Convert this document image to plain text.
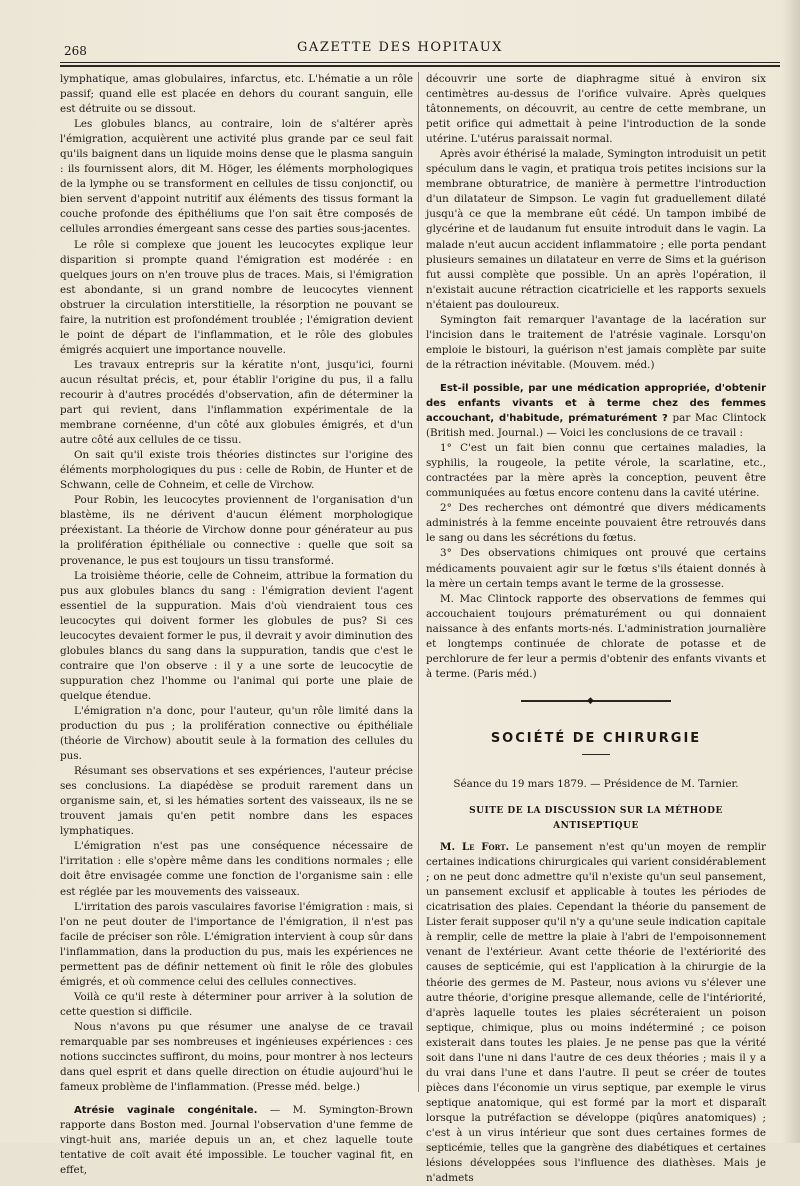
268	GAZETTE DES HOPITAUX

lymphatique, amas globulaires, infarctus, etc. L'hématie a un rôle passif; quand elle est placée en dehors du courant sanguin, elle est détruite ou se dissout.

Les globules blancs, au contraire, loin de s'altérer après l'émigration, acquièrent une activité plus grande par ce seul fait qu'ils baignent dans un liquide moins dense que le plasma sanguin : ils fournissent alors, dit M. Höger, les éléments morphologiques de la lymphe ou se transforment en cellules de tissu conjonctif, ou bien servent d'appoint nutritif aux éléments des tissus formant la couche profonde des épithéliums que l'on sait être composés de cellules arrondies émergeant sans cesse des parties sous-jacentes.

Le rôle si complexe que jouent les leucocytes explique leur disparition si prompte quand l'émigration est modérée : en quelques jours on n'en trouve plus de traces. Mais, si l'émigration est abondante, si un grand nombre de leucocytes viennent obstruer la circulation interstitielle, la résorption ne pouvant se faire, la nutrition est profondément troublée ; l'émigration devient le point de départ de l'inflammation, et le rôle des globules émigrés acquiert une importance nouvelle.

Les travaux entrepris sur la kératite n'ont, jusqu'ici, fourni aucun résultat précis, et, pour établir l'origine du pus, il a fallu recourir à d'autres procédés d'observation, afin de déterminer la part qui revient, dans l'inflammation expérimentale de la membrane cornéenne, d'un côté aux globules émigrés, et d'un autre côté aux cellules de ce tissu.

On sait qu'il existe trois théories distinctes sur l'origine des éléments morphologiques du pus : celle de Robin, de Hunter et de Schwann, celle de Cohneim, et celle de Virchow.

Pour Robin, les leucocytes proviennent de l'organisation d'un blastème, ils ne dérivent d'aucun élément morphologique préexistant. La théorie de Virchow donne pour générateur au pus la prolifération épithéliale ou connective : quelle que soit sa provenance, le pus est toujours un tissu transformé.

La troisième théorie, celle de Cohneim, attribue la formation du pus aux globules blancs du sang : l'émigration devient l'agent essentiel de la suppuration. Mais d'où viendraient tous ces leucocytes qui doivent former les globules de pus? Si ces leucocytes devaient former le pus, il devrait y avoir diminution des globules blancs du sang dans la suppuration, tandis que c'est le contraire que l'on observe : il y a une sorte de leucocytie de suppuration chez l'homme ou l'animal qui porte une plaie de quelque étendue.

L'émigration n'a donc, pour l'auteur, qu'un rôle limité dans la production du pus ; la prolifération connective ou épithéliale (théorie de Virchow) aboutit seule à la formation des cellules du pus.

Résumant ses observations et ses expériences, l'auteur précise ses conclusions. La diapédèse se produit rarement dans un organisme sain, et, si les hématies sortent des vaisseaux, ils ne se trouvent jamais qu'en petit nombre dans les espaces lymphatiques.

L'émigration n'est pas une conséquence nécessaire de l'irritation : elle s'opère même dans les conditions normales ; elle doit être envisagée comme une fonction de l'organisme sain : elle est réglée par les mouvements des vaisseaux.

L'irritation des parois vasculaires favorise l'émigration : mais, si l'on ne peut douter de l'importance de l'émigration, il n'est pas facile de préciser son rôle. L'émigration intervient à coup sûr dans l'inflammation, dans la production du pus, mais les expériences ne permettent pas de définir nettement où finit le rôle des globules émigrés, et où commence celui des cellules connectives.

Voilà ce qu'il reste à déterminer pour arriver à la solution de cette question si difficile.

Nous n'avons pu que résumer une analyse de ce travail remarquable par ses nombreuses et ingénieuses expériences : ces notions succinctes suffiront, du moins, pour montrer à nos lecteurs dans quel esprit et dans quelle direction on étudie aujourd'hui le fameux problème de l'inflammation. (Presse méd. belge.)

Atrésie vaginale congénitale. — M. Symington-Brown rapporte dans Boston med. Journal l'observation d'une femme de vingt-huit ans, mariée depuis un an, et chez laquelle toute tentative de coït avait été impossible. Le toucher vaginal fit, en effet,

découvrir une sorte de diaphragme situé à environ six centimètres au-dessus de l'orifice vulvaire. Après quelques tâtonnements, on découvrit, au centre de cette membrane, un petit orifice qui admettait à peine l'introduction de la sonde utérine. L'utérus paraissait normal.

Après avoir éthérisé la malade, Symington introduisit un petit spéculum dans le vagin, et pratiqua trois petites incisions sur la membrane obturatrice, de manière à permettre l'introduction d'un dilatateur de Simpson. Le vagin fut graduellement dilaté jusqu'à ce que la membrane eût cédé. Un tampon imbibé de glycérine et de laudanum fut ensuite introduit dans le vagin. La malade n'eut aucun accident inflammatoire ; elle porta pendant plusieurs semaines un dilatateur en verre de Sims et la guérison fut aussi complète que possible. Un an après l'opération, il n'existait aucune rétraction cicatricielle et les rapports sexuels n'étaient pas douloureux.

Symington fait remarquer l'avantage de la lacération sur l'incision dans le traitement de l'atrésie vaginale. Lorsqu'on emploie le bistouri, la guérison n'est jamais complète par suite de la rétraction inévitable. (Mouvem. méd.)

Est-il possible, par une médication appropriée, d'obtenir des enfants vivants et à terme chez des femmes accouchant, d'habitude, prématurément ? par Mac Clintock (British med. Journal.) — Voici les conclusions de ce travail :

1° C'est un fait bien connu que certaines maladies, la syphilis, la rougeole, la petite vérole, la scarlatine, etc., contractées par la mère après la conception, peuvent être communiquées au fœtus encore contenu dans la cavité utérine.

2° Des recherches ont démontré que divers médicaments administrés à la femme enceinte pouvaient être retrouvés dans le sang ou dans les sécrétions du fœtus.

3° Des observations chimiques ont prouvé que certains médicaments pouvaient agir sur le fœtus s'ils étaient donnés à la mère un certain temps avant le terme de la grossesse.

M. Mac Clintock rapporte des observations de femmes qui accouchaient toujours prématurément ou qui donnaient naissance à des enfants morts-nés. L'administration journalière et longtemps continuée de chlorate de potasse et de perchlorure de fer leur a permis d'obtenir des enfants vivants et à terme. (Paris méd.)

◆
SOCIÉTÉ DE CHIRURGIE
Séance du 19 mars 1879. — Présidence de M. Tarnier.
SUITE DE LA DISCUSSION SUR LA MÉTHODE ANTISEPTIQUE

M. Le Fort. Le pansement n'est qu'un moyen de remplir certaines indications chirurgicales qui varient considérablement ; on ne peut donc admettre qu'il n'existe qu'un seul pansement, un pansement exclusif et applicable à toutes les périodes de cicatrisation des plaies. Cependant la théorie du pansement de Lister ferait supposer qu'il n'y a qu'une seule indication capitale à remplir, celle de mettre la plaie à l'abri de l'empoisonnement venant de l'extérieur. Avant cette théorie de l'extériorité des causes de septicémie, qui est l'application à la chirurgie de la théorie des germes de M. Pasteur, nous avions vu s'élever une autre théorie, d'origine presque allemande, celle de l'intériorité, d'après laquelle toutes les plaies sécréteraient un poison septique, chimique, plus ou moins indéterminé ; ce poison existerait dans toutes les plaies. Je ne pense pas que la vérité soit dans l'une ni dans l'autre de ces deux théories ; mais il y a du vrai dans l'une et dans l'autre. Il peut se créer de toutes pièces dans l'économie un virus septique, par exemple le virus septique anatomique, qui est formé par la mort et disparaît lorsque la putréfaction se développe (piqûres anatomiques) ; c'est à un virus intérieur que sont dues certaines formes de septicémie, telles que la gangrène des diabétiques et certaines lésions développées sous l'influence des diathèses. Mais je n'admets
